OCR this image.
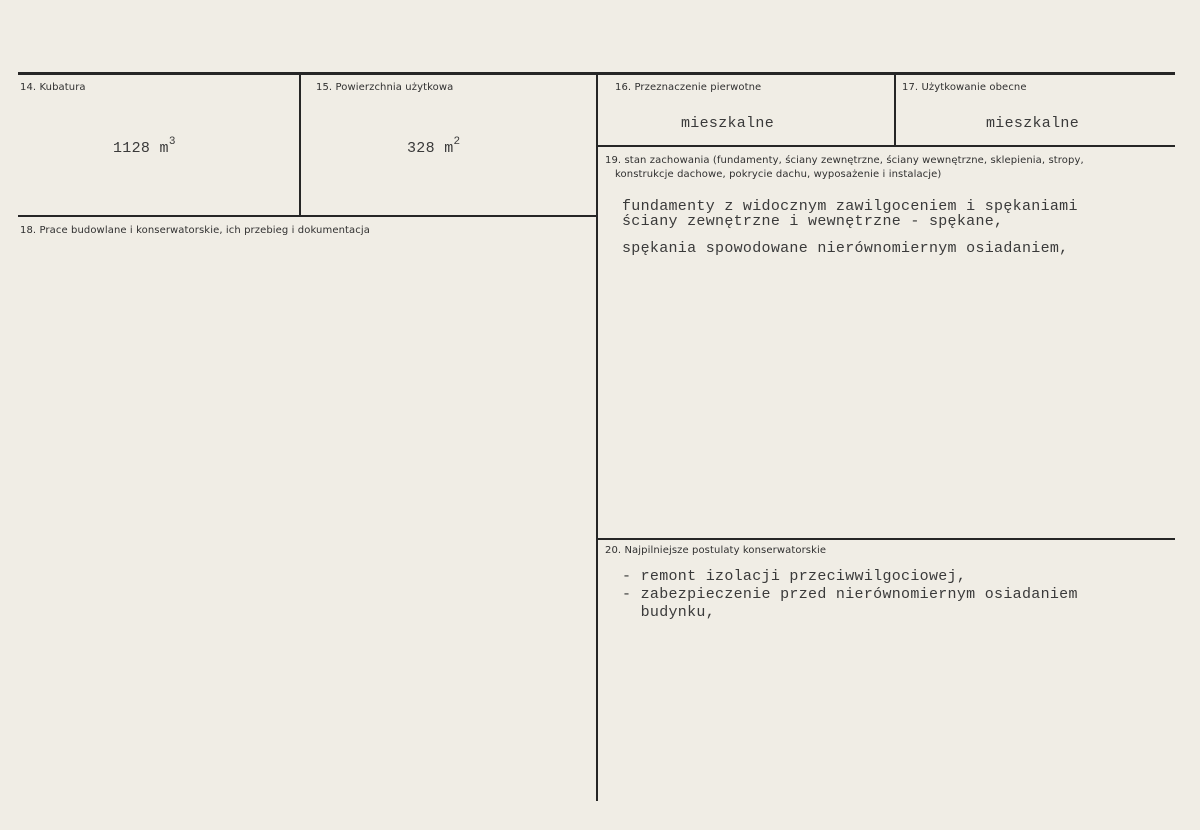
14. Kubatura
1128 $m^3$
15. Powierzchnia użytkowa
328 $m^2$
16. Przeznaczenie pierwotne
mieszkalne
17. Użytkowanie obecne
mieszkalne
18. Prace budowlane i konserwatorskie, ich przebieg i dokumentacja
19. stan zachowania (fundamenty, ściany zewnętrzne, ściany wewnętrzne, sklepienia, stropy,
konstrukcje dachowe, pokrycie dachu, wyposażenie i instalacje)
fundamenty z widocznym zawilgoceniem i spękaniami
ściany zewnętrzne i wewnętrzne - spękane,
spękania spowodowane nierównomiernym osiadaniem,
20. Najpilniejsze postulaty konserwatorskie
- remont izolacji przeciwwilgociowej,
- zabezpieczenie przed nierównomiernym osiadaniem
budynku,
